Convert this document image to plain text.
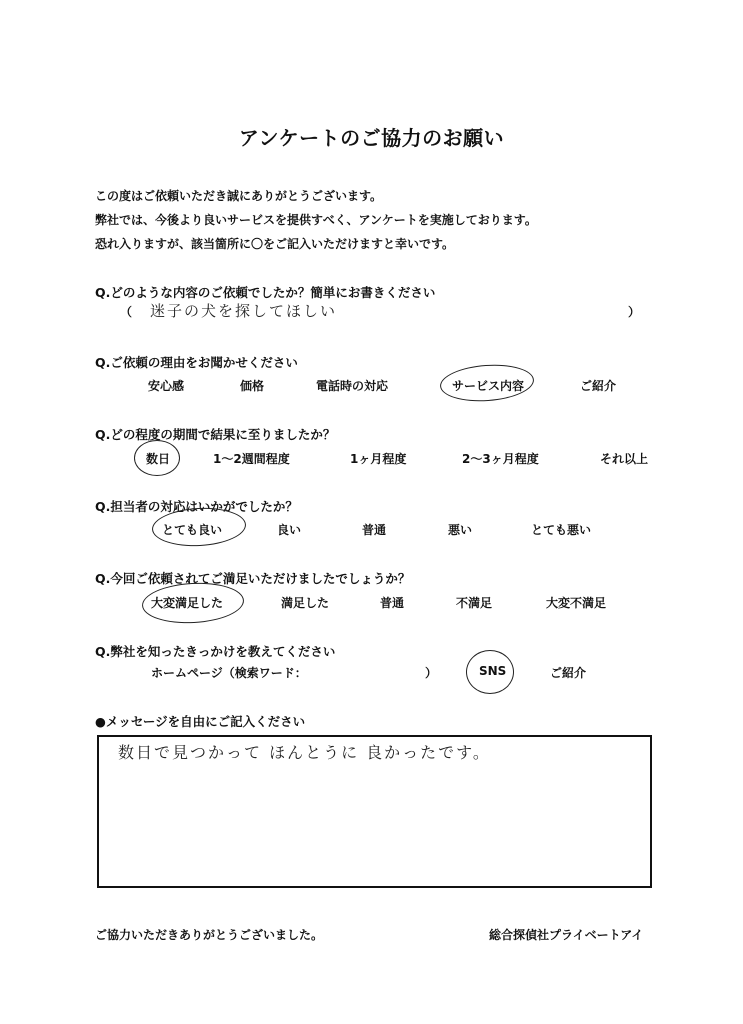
アンケートのご協力のお願い
この度はご依頼いただき誠にありがとうございます。
弊社では、今後より良いサービスを提供すべく、アンケートを実施しております。
恐れ入りますが、該当箇所に〇をご記入いただけますと幸いです。
Q.どのような内容のご依頼でしたか？簡単にお書きください
（ 迷子の犬を探してほしい	）
Q.ご依頼の理由をお聞かせください
安心感	価格	電話時の対応	サービス内容	ご紹介
Q.どの程度の期間で結果に至りましたか？
数日	1～2週間程度	1ヶ月程度	2～3ヶ月程度	それ以上
Q.担当者の対応はいかがでしたか？
とても良い	良い	普通	悪い	とても悪い
Q.今回ご依頼されてご満足いただけましたでしょうか？
大変満足した	満足した	普通	不満足	大変不満足
Q.弊社を知ったきっかけを教えてください
ホームページ（検索ワード：	）	SNS	ご紹介
●メッセージを自由にご記入ください
数日で見つかって ほんとうに 良かったです。
ご協力いただきありがとうございました。	総合探偵社プライベートアイ
